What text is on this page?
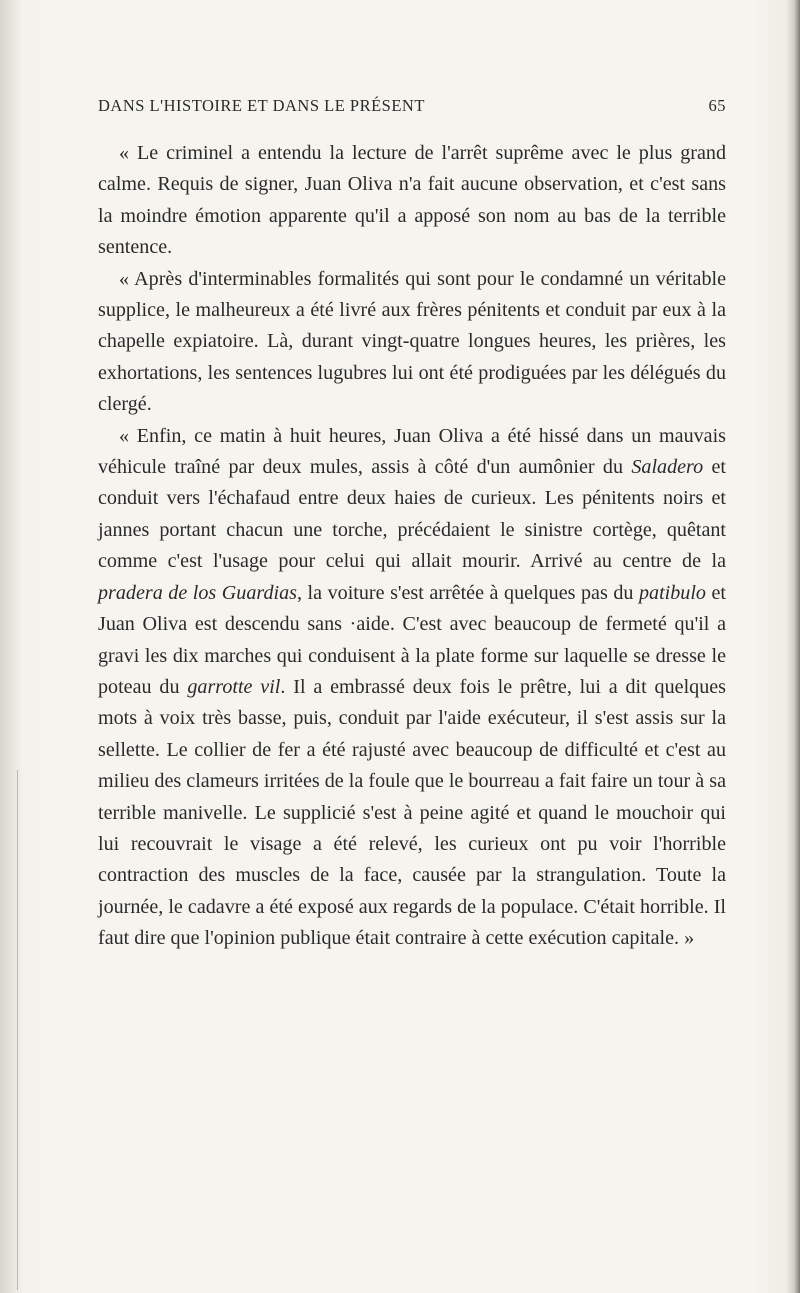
DANS L'HISTOIRE ET DANS LE PRÉSENT	65

« Le criminel a entendu la lecture de l'arrêt suprême avec le plus grand calme. Requis de signer, Juan Oliva n'a fait aucune observation, et c'est sans la moindre émotion apparente qu'il a apposé son nom au bas de la terrible sentence.

« Après d'interminables formalités qui sont pour le condamné un véritable supplice, le malheureux a été livré aux frères pénitents et conduit par eux à la chapelle expiatoire. Là, durant vingt-quatre longues heures, les prières, les exhortations, les sentences lugubres lui ont été prodiguées par les délégués du clergé.

« Enfin, ce matin à huit heures, Juan Oliva a été hissé dans un mauvais véhicule traîné par deux mules, assis à côté d'un aumônier du Saladero et conduit vers l'échafaud entre deux haies de curieux. Les pénitents noirs et jannes portant chacun une torche, précédaient le sinistre cortège, quêtant comme c'est l'usage pour celui qui allait mourir. Arrivé au centre de la pradera de los Guardias, la voiture s'est arrêtée à quelques pas du patibulo et Juan Oliva est descendu sans ·aide. C'est avec beaucoup de fermeté qu'il a gravi les dix marches qui conduisent à la plate forme sur laquelle se dresse le poteau du garrotte vil. Il a embrassé deux fois le prêtre, lui a dit quelques mots à voix très basse, puis, conduit par l'aide exécuteur, il s'est assis sur la sellette. Le collier de fer a été rajusté avec beaucoup de difficulté et c'est au milieu des clameurs irritées de la foule que le bourreau a fait faire un tour à sa terrible manivelle. Le supplicié s'est à peine agité et quand le mouchoir qui lui recouvrait le visage a été relevé, les curieux ont pu voir l'horrible contraction des muscles de la face, causée par la strangulation. Toute la journée, le cadavre a été exposé aux regards de la populace. C'était horrible. Il faut dire que l'opinion publique était contraire à cette exécution capitale. »
